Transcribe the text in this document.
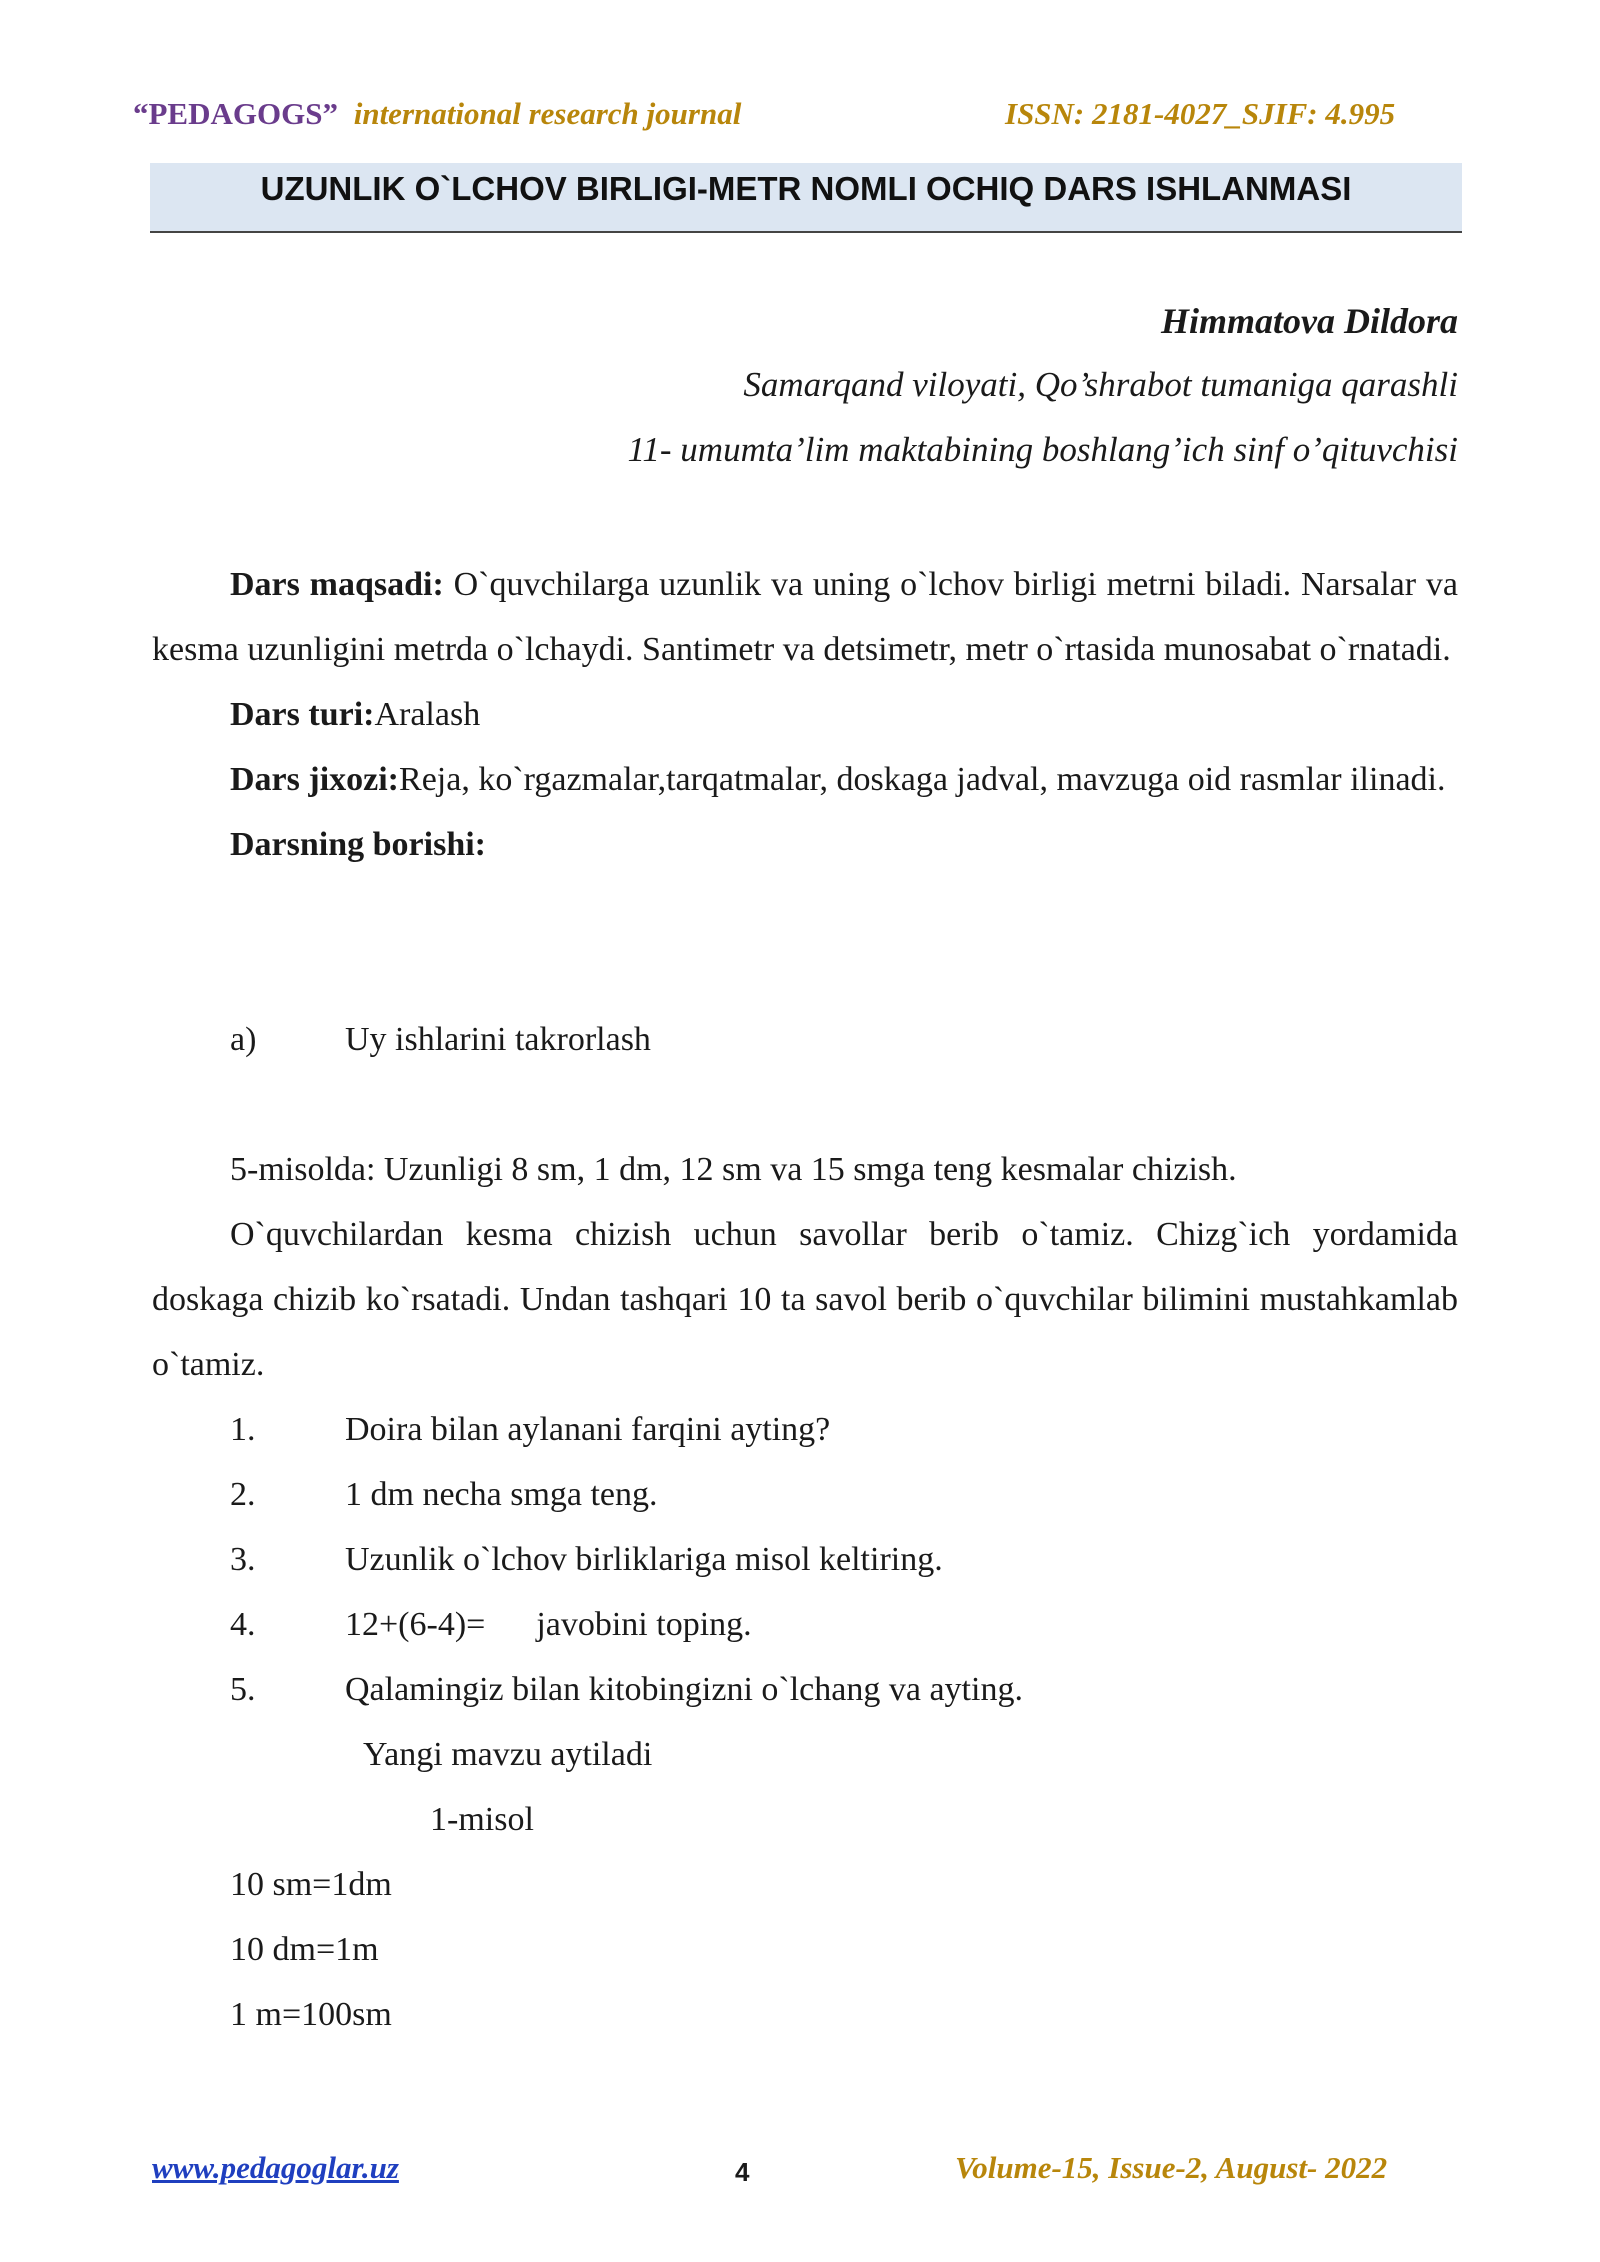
“PEDAGOGS” international research journal	ISSN: 2181-4027_SJIF: 4.995
UZUNLIK O`LCHOV BIRLIGI-METR NOMLI OCHIQ DARS ISHLANMASI
Himmatova Dildora
Samarqand viloyati, Qo’shrabot tumaniga qarashli
11- umumta’lim maktabining boshlang’ich sinf o’qituvchisi

Dars maqsadi: O`quvchilarga uzunlik va uning o`lchov birligi metrni biladi. Narsalar va kesma uzunligini metrda o`lchaydi. Santimetr va detsimetr, metr o`rtasida munosabat o`rnatadi.

Dars turi:Aralash

Dars jixozi:Reja, ko`rgazmalar,tarqatmalar, doskaga jadval, mavzuga oid rasmlar ilinadi.

Darsning borishi:

a)	Uy ishlarini takrorlash

5-misolda: Uzunligi 8 sm, 1 dm, 12 sm va 15 smga teng kesmalar chizish.

O`quvchilardan kesma chizish uchun savollar berib o`tamiz. Chizg`ich yordamida doskaga chizib ko`rsatadi. Undan tashqari 10 ta savol berib o`quvchilar bilimini mustahkamlab o`tamiz.

1.	Doira bilan aylanani farqini ayting?
2.	1 dm necha smga teng.
3.	Uzunlik o`lchov birliklariga misol keltiring.
4.	12+(6-4)=      javobini toping.
5.	Qalamingiz bilan kitobingizni o`lchang va ayting.
Yangi mavzu aytiladi
1-misol
10 sm=1dm
10 dm=1m
1 m=100sm
www.pedagoglar.uz	4	Volume-15, Issue-2, August- 2022
